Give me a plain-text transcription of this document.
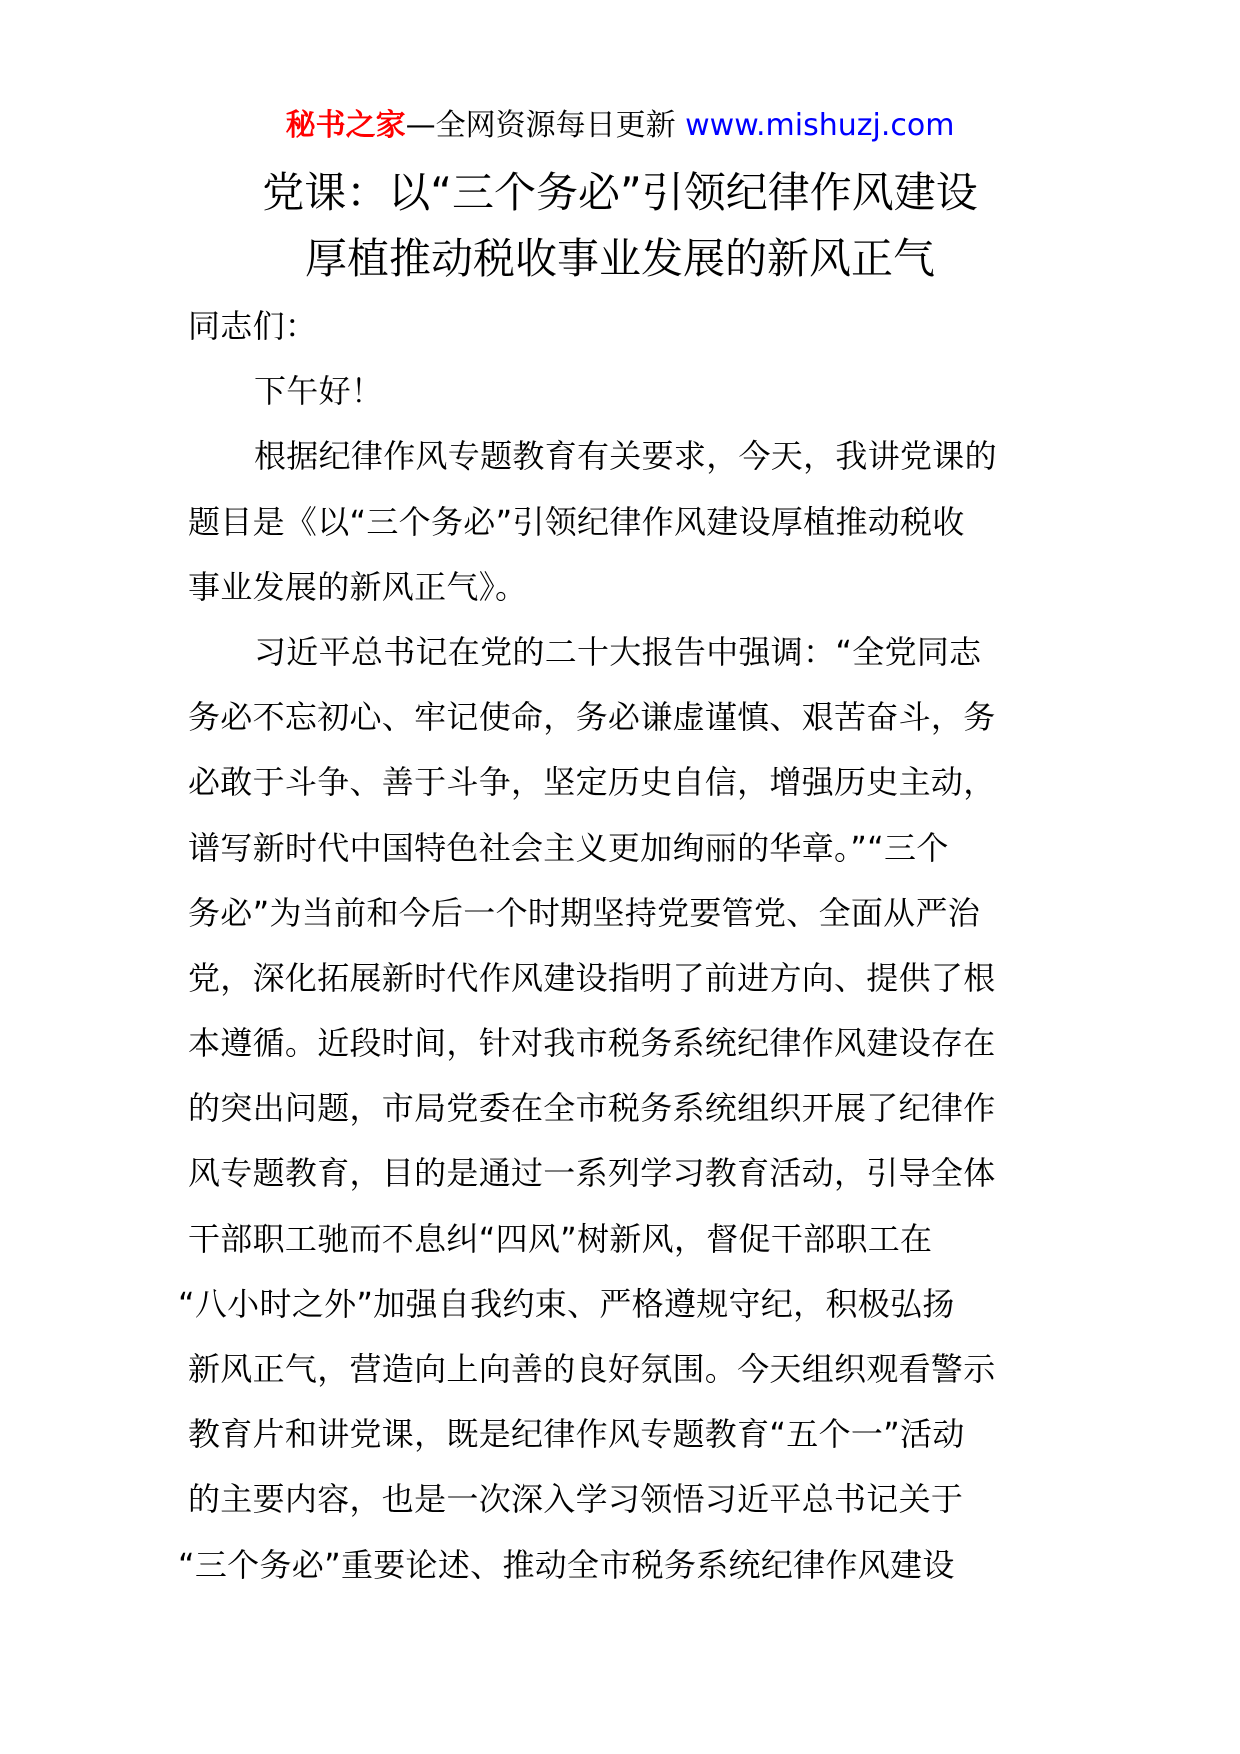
秘书之家—全网资源每日更新 www.mishuzj.com
党课：以“三个务必”引领纪律作风建设
厚植推动税收事业发展的新风正气
同志们：
下午好！
根据纪律作风专题教育有关要求，今天，我讲党课的
题目是《以“三个务必”引领纪律作风建设厚植推动税收
事业发展的新风正气》。
习近平总书记在党的二十大报告中强调：“全党同志
务必不忘初心、牢记使命，务必谦虚谨慎、艰苦奋斗，务
必敢于斗争、善于斗争，坚定历史自信，增强历史主动，
谱写新时代中国特色社会主义更加绚丽的华章。”“三个
务必”为当前和今后一个时期坚持党要管党、全面从严治
党，深化拓展新时代作风建设指明了前进方向、提供了根
本遵循。近段时间，针对我市税务系统纪律作风建设存在
的突出问题，市局党委在全市税务系统组织开展了纪律作
风专题教育，目的是通过一系列学习教育活动，引导全体
干部职工驰而不息纠“四风”树新风，督促干部职工在
“八小时之外”加强自我约束、严格遵规守纪，积极弘扬
新风正气，营造向上向善的良好氛围。今天组织观看警示
教育片和讲党课，既是纪律作风专题教育“五个一”活动
的主要内容，也是一次深入学习领悟习近平总书记关于
“三个务必”重要论述、推动全市税务系统纪律作风建设
